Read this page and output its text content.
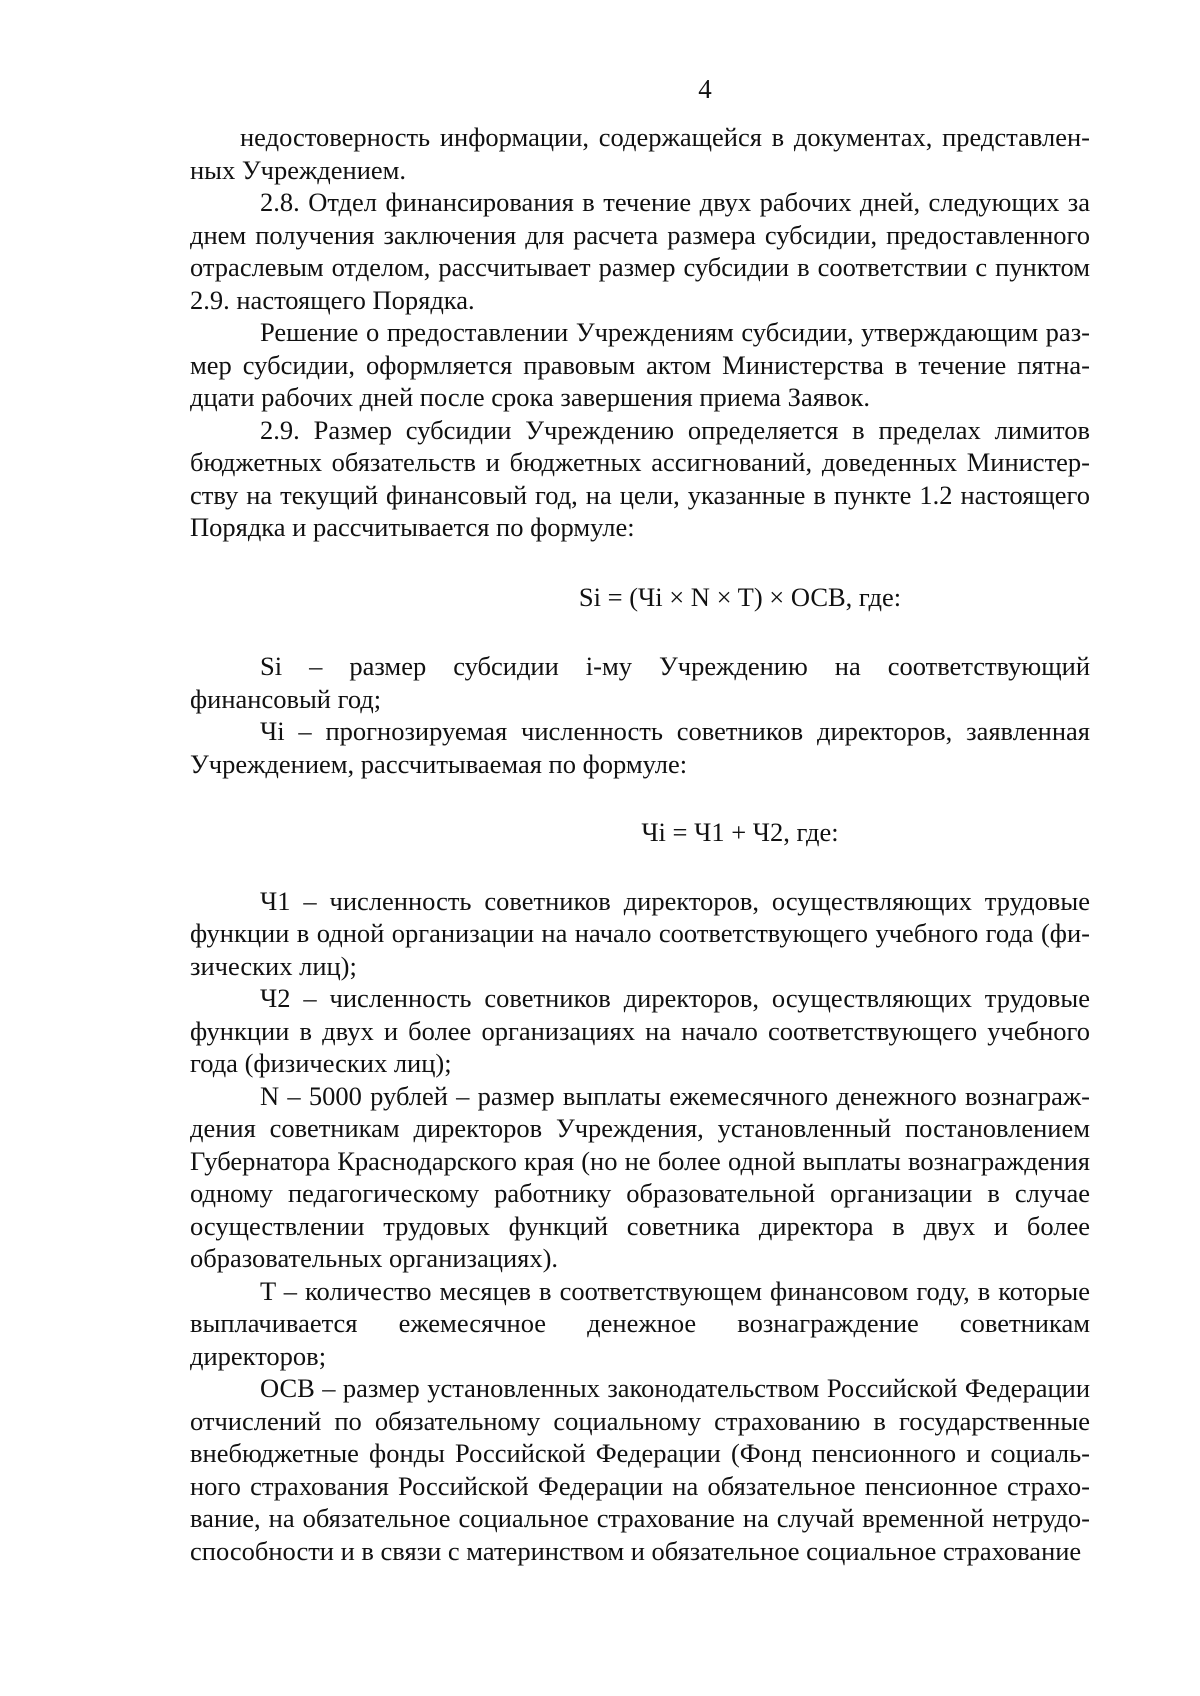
4

недостоверность информации, содержащейся в документах, представленных Учреждением.

2.8. Отдел финансирования в течение двух рабочих дней, следующих за днем получения заключения для расчета размера субсидии, предоставленного отраслевым отделом, рассчитывает размер субсидии в соответствии с пунктом 2.9. настоящего Порядка.

Решение о предоставлении Учреждениям субсидии, утверждающим размер субсидии, оформляется правовым актом Министерства в течение пятнадцати рабочих дней после срока завершения приема Заявок.

2.9. Размер субсидии Учреждению определяется в пределах лимитов бюджетных обязательств и бюджетных ассигнований, доведенных Министерству на текущий финансовый год, на цели, указанные в пункте 1.2 настоящего Порядка и рассчитывается по формуле:

Si = (Чi × N × T) × ОСВ, где:

Si – размер субсидии i-му Учреждению на соответствующий финансовый год;

Чi – прогнозируемая численность советников директоров, заявленная Учреждением, рассчитываемая по формуле:

Чi = Ч1 + Ч2, где:

Ч1 – численность советников директоров, осуществляющих трудовые функции в одной организации на начало соответствующего учебного года (физических лиц);

Ч2 – численность советников директоров, осуществляющих трудовые функции в двух и более организациях на начало соответствующего учебного года (физических лиц);

N – 5000 рублей – размер выплаты ежемесячного денежного вознаграждения советникам директоров Учреждения, установленный постановлением Губернатора Краснодарского края (но не более одной выплаты вознаграждения одному педагогическому работнику образовательной организации в случае осуществлении трудовых функций советника директора в двух и более образовательных организациях).

T – количество месяцев в соответствующем финансовом году, в которые выплачивается ежемесячное денежное вознаграждение советникам директоров;

ОСВ – размер установленных законодательством Российской Федерации отчислений по обязательному социальному страхованию в государственные внебюджетные фонды Российской Федерации (Фонд пенсионного и социального страхования Российской Федерации на обязательное пенсионное страхование, на обязательное социальное страхование на случай временной нетрудоспособности и в связи с материнством и обязательное социальное страхование
